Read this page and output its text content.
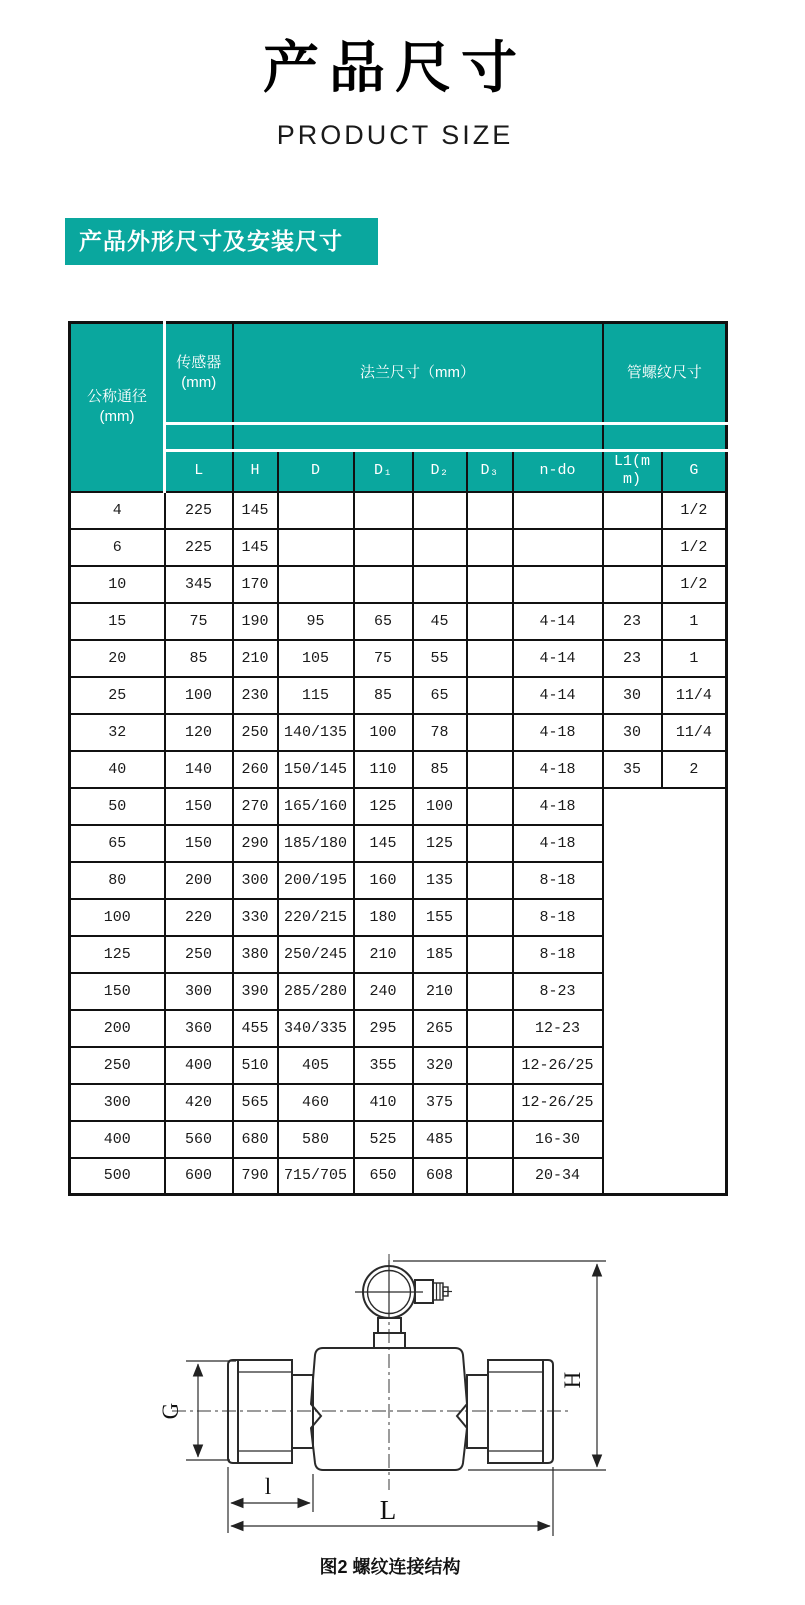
产品尺寸
PRODUCT SIZE
产品外形尺寸及安装尺寸
公称通径
(mm)

传感器
(mm)
	法兰尺寸（mm）	管螺纹尺寸

	L	H	D	D₁	D₂	D₃	n-do	L1(mm)	G
4	225	145							1/2
6	225	145							1/2
10	345	170							1/2
15	75	190	95	65	45		4-14	23	1
20	85	210	105	75	55		4-14	23	1
25	100	230	115	85	65		4-14	30	11/4
32	120	250	140/135	100	78		4-18	30	11/4
40	140	260	150/145	110	85		4-18	35	2
50	150	270	165/160	125	100		4-18		
65	150	290	185/180	145	125		4-18		
80	200	300	200/195	160	135		8-18		
100	220	330	220/215	180	155		8-18		
125	250	380	250/245	210	185		8-18		
150	300	390	285/280	240	210		8-23		
200	360	455	340/335	295	265		12-23		
250	400	510	405	355	320		12-26/25		
300	420	565	460	410	375		12-26/25		
400	560	680	580	525	485		16-30		
500	600	790	715/705	650	608		20-34		
H
G
l
L
图2 螺纹连接结构
